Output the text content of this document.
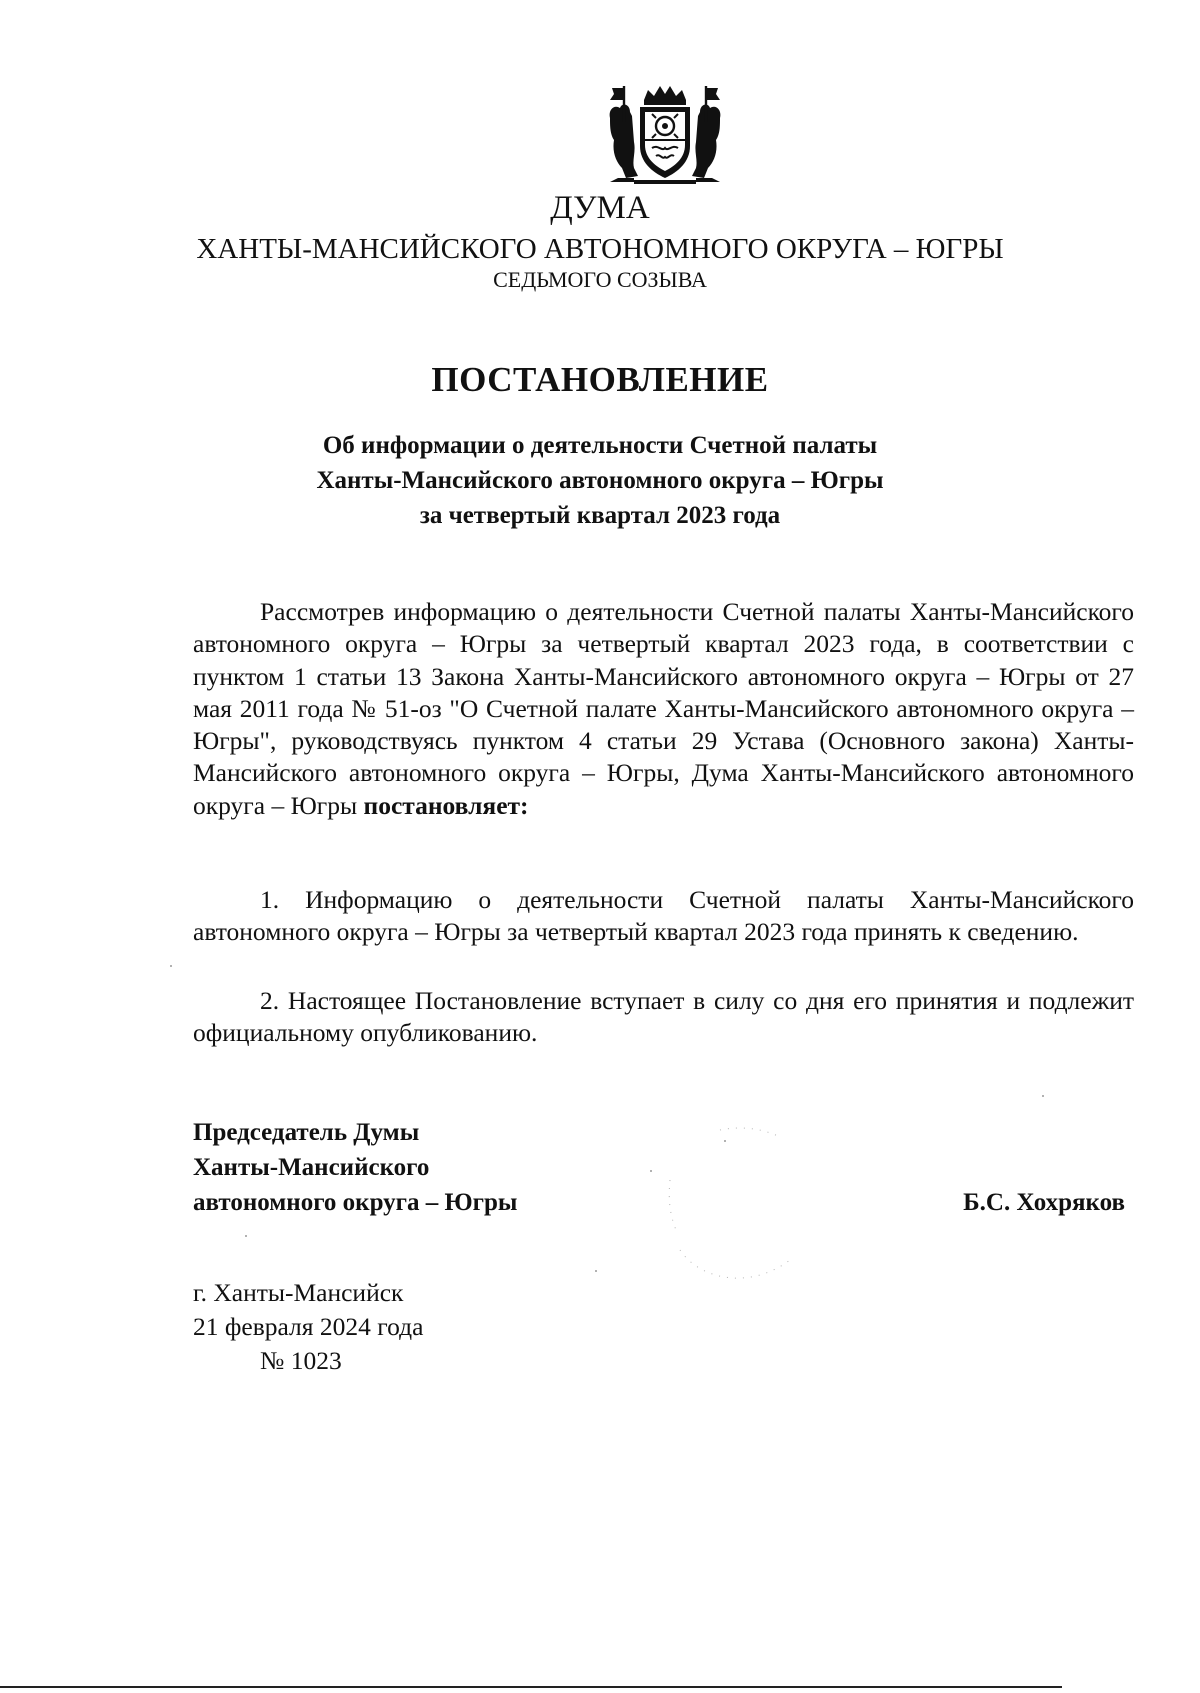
ДУМА
ХАНТЫ-МАНСИЙСКОГО АВТОНОМНОГО ОКРУГА – ЮГРЫ
СЕДЬМОГО СОЗЫВА
ПОСТАНОВЛЕНИЕ
Об информации о деятельности Счетной палаты
Ханты-Мансийского автономного округа – Югры
за четвертый квартал 2023 года

Рассмотрев информацию о деятельности Счетной палаты Ханты-Мансийского автономного округа – Югры за четвертый квартал 2023 года, в соответствии с пунктом 1 статьи 13 Закона Ханты-Мансийского автономного округа – Югры от 27 мая 2011 года № 51-оз "О Счетной палате Ханты-Мансийского автономного округа – Югры", руководствуясь пунктом 4 статьи 29 Устава (Основного закона) Ханты-Мансийского автономного округа – Югры, Дума Ханты-Мансийского автономного округа – Югры постановляет:

1. Информацию о деятельности Счетной палаты Ханты-Мансийского автономного округа – Югры за четвертый квартал 2023 года принять к сведению.

2. Настоящее Постановление вступает в силу со дня его принятия и подлежит официальному опубликованию.

Председатель Думы
Ханты-Мансийского
автономного округа – Югры	Б.С. Хохряков
г. Ханты-Мансийск
21 февраля 2024 года
№ 1023
